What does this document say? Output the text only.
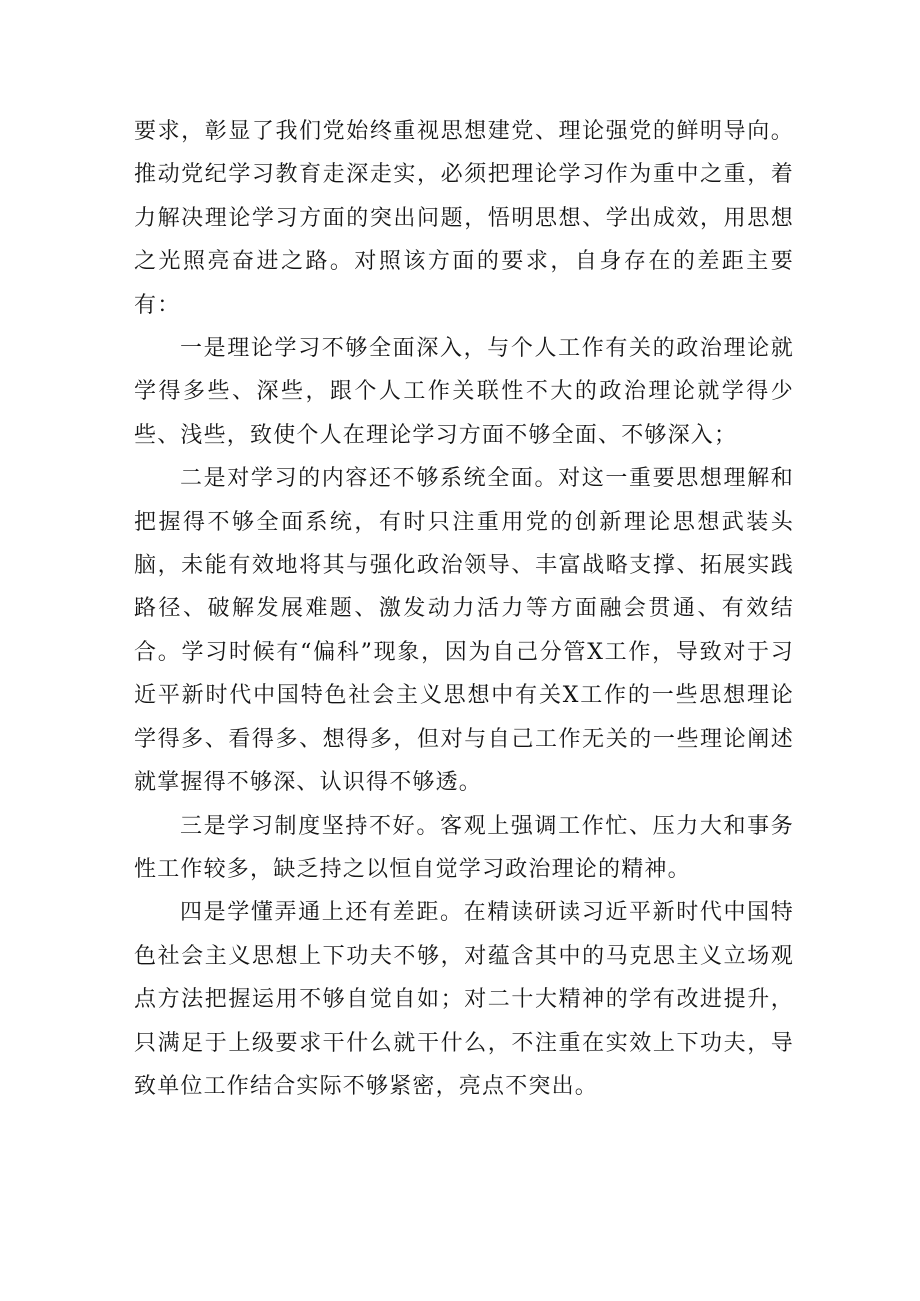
要求，彰显了我们党始终重视思想建党、理论强党的鲜明导向。推动党纪学习教育走深走实，必须把理论学习作为重中之重，着力解决理论学习方面的突出问题，悟明思想、学出成效，用思想之光照亮奋进之路。对照该方面的要求，自身存在的差距主要有：

一是理论学习不够全面深入，与个人工作有关的政治理论就学得多些、深些，跟个人工作关联性不大的政治理论就学得少些、浅些，致使个人在理论学习方面不够全面、不够深入；

二是对学习的内容还不够系统全面。对这一重要思想理解和把握得不够全面系统，有时只注重用党的创新理论思想武装头脑，未能有效地将其与强化政治领导、丰富战略支撑、拓展实践路径、破解发展难题、激发动力活力等方面融会贯通、有效结合。学习时候有“偏科”现象，因为自己分管X工作，导致对于习近平新时代中国特色社会主义思想中有关X工作的一些思想理论学得多、看得多、想得多，但对与自己工作无关的一些理论阐述就掌握得不够深、认识得不够透。

三是学习制度坚持不好。客观上强调工作忙、压力大和事务性工作较多，缺乏持之以恒自觉学习政治理论的精神。

四是学懂弄通上还有差距。在精读研读习近平新时代中国特色社会主义思想上下功夫不够，对蕴含其中的马克思主义立场观点方法把握运用不够自觉自如；对二十大精神的学有改进提升，只满足于上级要求干什么就干什么，不注重在实效上下功夫，导致单位工作结合实际不够紧密，亮点不突出。
